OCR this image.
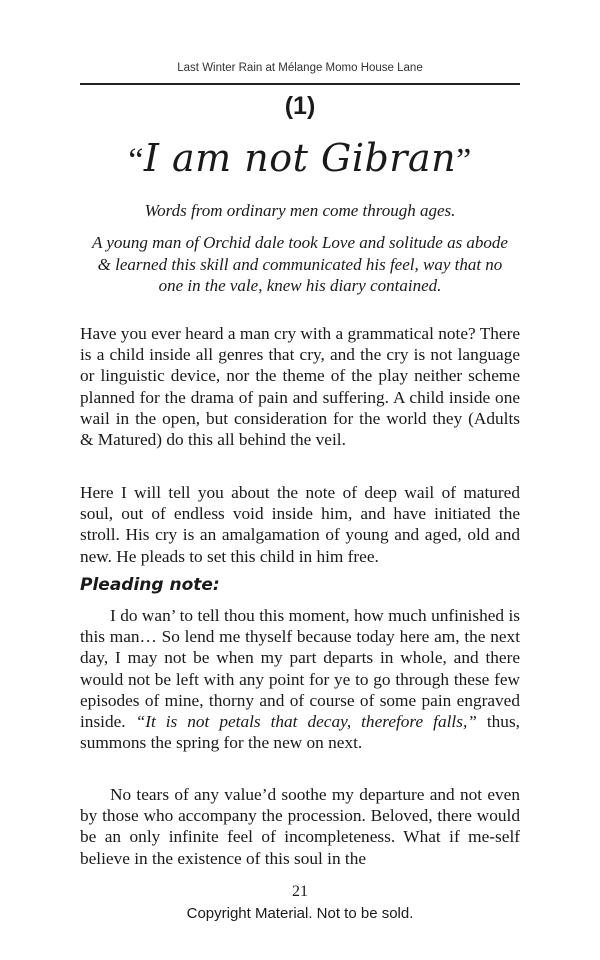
Last Winter Rain at Mélange Momo House Lane
(1)
“I am not Gibran”
Words from ordinary men come through ages.
A young man of Orchid dale took Love and solitude as abode & learned this skill and communicated his feel, way that no one in the vale, knew his diary contained.
Have you ever heard a man cry with a grammatical note? There is a child inside all genres that cry, and the cry is not language or linguistic device, nor the theme of the play neither scheme planned for the drama of pain and suffering. A child inside one wail in the open, but consideration for the world they (Adults & Matured) do this all behind the veil.
Here I will tell you about the note of deep wail of matured soul, out of endless void inside him, and have initiated the stroll. His cry is an amalgamation of young and aged, old and new. He pleads to set this child in him free.
Pleading note:
I do wan’ to tell thou this moment, how much unfinished is this man… So lend me thyself because today here am, the next day, I may not be when my part departs in whole, and there would not be left with any point for ye to go through these few episodes of mine, thorny and of course of some pain engraved inside. “It is not petals that decay, therefore falls,” thus, summons the spring for the new on next.
No tears of any value’d soothe my departure and not even by those who accompany the procession. Beloved, there would be an only infinite feel of incompleteness. What if me-self believe in the existence of this soul in the
21
Copyright Material. Not to be sold.
